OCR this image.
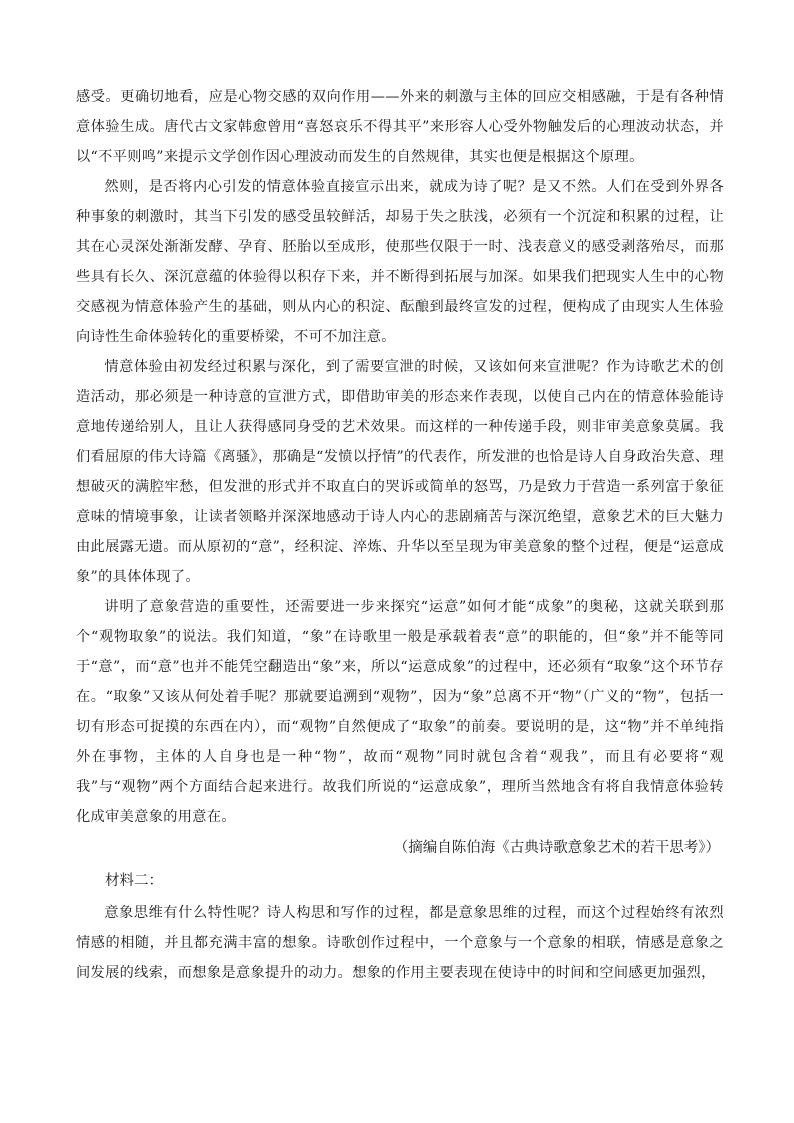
感受。更确切地看，应是心物交感的双向作用——外来的刺激与主体的回应交相感融，于是有各种情意体验生成。唐代古文家韩愈曾用“喜怒哀乐不得其平”来形容人心受外物触发后的心理波动状态，并以“不平则鸣”来提示文学创作因心理波动而发生的自然规律，其实也便是根据这个原理。

然则，是否将内心引发的情意体验直接宣示出来，就成为诗了呢？是又不然。人们在受到外界各种事象的刺激时，其当下引发的感受虽较鲜活，却易于失之肤浅，必须有一个沉淀和积累的过程，让其在心灵深处渐渐发酵、孕育、胚胎以至成形，使那些仅限于一时、浅表意义的感受剥落殆尽，而那些具有长久、深沉意蕴的体验得以积存下来，并不断得到拓展与加深。如果我们把现实人生中的心物交感视为情意体验产生的基础，则从内心的积淀、酝酿到最终宣发的过程，便构成了由现实人生体验向诗性生命体验转化的重要桥梁，不可不加注意。

情意体验由初发经过积累与深化，到了需要宣泄的时候，又该如何来宣泄呢？作为诗歌艺术的创造活动，那必须是一种诗意的宣泄方式，即借助审美的形态来作表现，以使自己内在的情意体验能诗意地传递给别人，且让人获得感同身受的艺术效果。而这样的一种传递手段，则非审美意象莫属。我们看屈原的伟大诗篇《离骚》，那确是“发愤以抒情”的代表作，所发泄的也恰是诗人自身政治失意、理想破灭的满腔牢愁，但发泄的形式并不取直白的哭诉或简单的怒骂，乃是致力于营造一系列富于象征意味的情境事象，让读者领略并深深地感动于诗人内心的悲剧痛苦与深沉绝望，意象艺术的巨大魅力由此展露无遗。而从原初的“意”，经积淀、淬炼、升华以至呈现为审美意象的整个过程，便是“运意成象”的具体体现了。

讲明了意象营造的重要性，还需要进一步来探究“运意”如何才能“成象”的奥秘，这就关联到那个“观物取象”的说法。我们知道，“象”在诗歌里一般是承载着表“意”的职能的，但“象”并不能等同于“意”，而“意”也并不能凭空翻造出“象”来，所以“运意成象”的过程中，还必须有“取象”这个环节存在。“取象”又该从何处着手呢？那就要追溯到“观物”，因为“象”总离不开“物”（广义的“物”，包括一切有形态可捉摸的东西在内），而“观物”自然便成了“取象”的前奏。要说明的是，这“物”并不单纯指外在事物，主体的人自身也是一种“物”，故而“观物”同时就包含着“观我”，而且有必要将“观我”与“观物”两个方面结合起来进行。故我们所说的“运意成象”，理所当然地含有将自我情意体验转化成审美意象的用意在。

（摘编自陈伯海《古典诗歌意象艺术的若干思考》）

材料二：

意象思维有什么特性呢？诗人构思和写作的过程，都是意象思维的过程，而这个过程始终有浓烈情感的相随，并且都充满丰富的想象。诗歌创作过程中，一个意象与一个意象的相联，情感是意象之间发展的线索，而想象是意象提升的动力。想象的作用主要表现在使诗中的时间和空间感更加强烈，
